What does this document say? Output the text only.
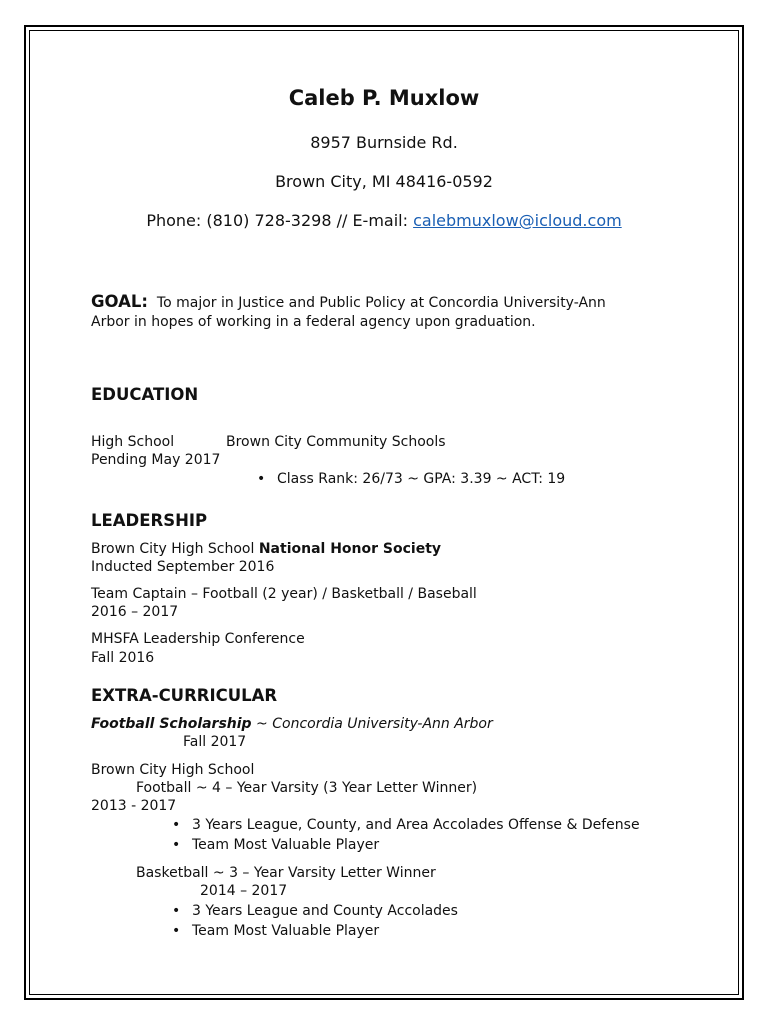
Caleb P. Muxlow
8957 Burnside Rd.
Brown City, MI 48416-0592
Phone: (810) 728-3298 // E-mail: calebmuxlow@icloud.com
GOAL: To major in Justice and Public Policy at Concordia University-Ann
Arbor in hopes of working in a federal agency upon graduation.
EDUCATION
High School	Brown City Community Schools
Pending May 2017
• Class Rank: 26/73 ~ GPA: 3.39 ~ ACT: 19
LEADERSHIP
Brown City High School National Honor Society
Inducted September 2016
Team Captain – Football (2 year) / Basketball / Baseball
2016 – 2017
MHSFA Leadership Conference
Fall 2016
EXTRA-CURRICULAR
Football Scholarship ~ Concordia University-Ann Arbor
Fall 2017
Brown City High School
Football ~ 4 – Year Varsity (3 Year Letter Winner)
2013 - 2017
• 3 Years League, County, and Area Accolades Offense & Defense
• Team Most Valuable Player
Basketball ~ 3 – Year Varsity Letter Winner
2014 – 2017
• 3 Years League and County Accolades
• Team Most Valuable Player
